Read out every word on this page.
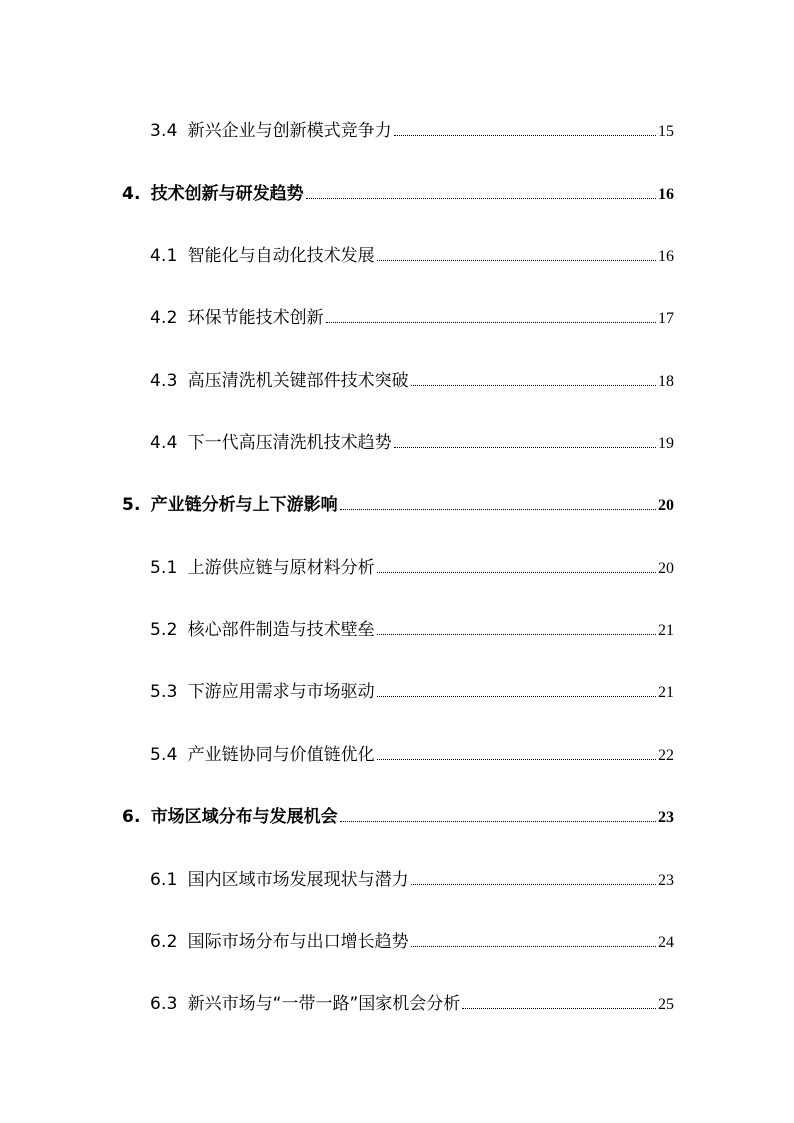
3.4 新兴企业与创新模式竞争力	15
4. 技术创新与研发趋势	16
4.1 智能化与自动化技术发展	16
4.2 环保节能技术创新	17
4.3 高压清洗机关键部件技术突破	18
4.4 下一代高压清洗机技术趋势	19
5. 产业链分析与上下游影响	20
5.1 上游供应链与原材料分析	20
5.2 核心部件制造与技术壁垒	21
5.3 下游应用需求与市场驱动	21
5.4 产业链协同与价值链优化	22
6. 市场区域分布与发展机会	23
6.1 国内区域市场发展现状与潜力	23
6.2 国际市场分布与出口增长趋势	24
6.3 新兴市场与“一带一路”国家机会分析	25
